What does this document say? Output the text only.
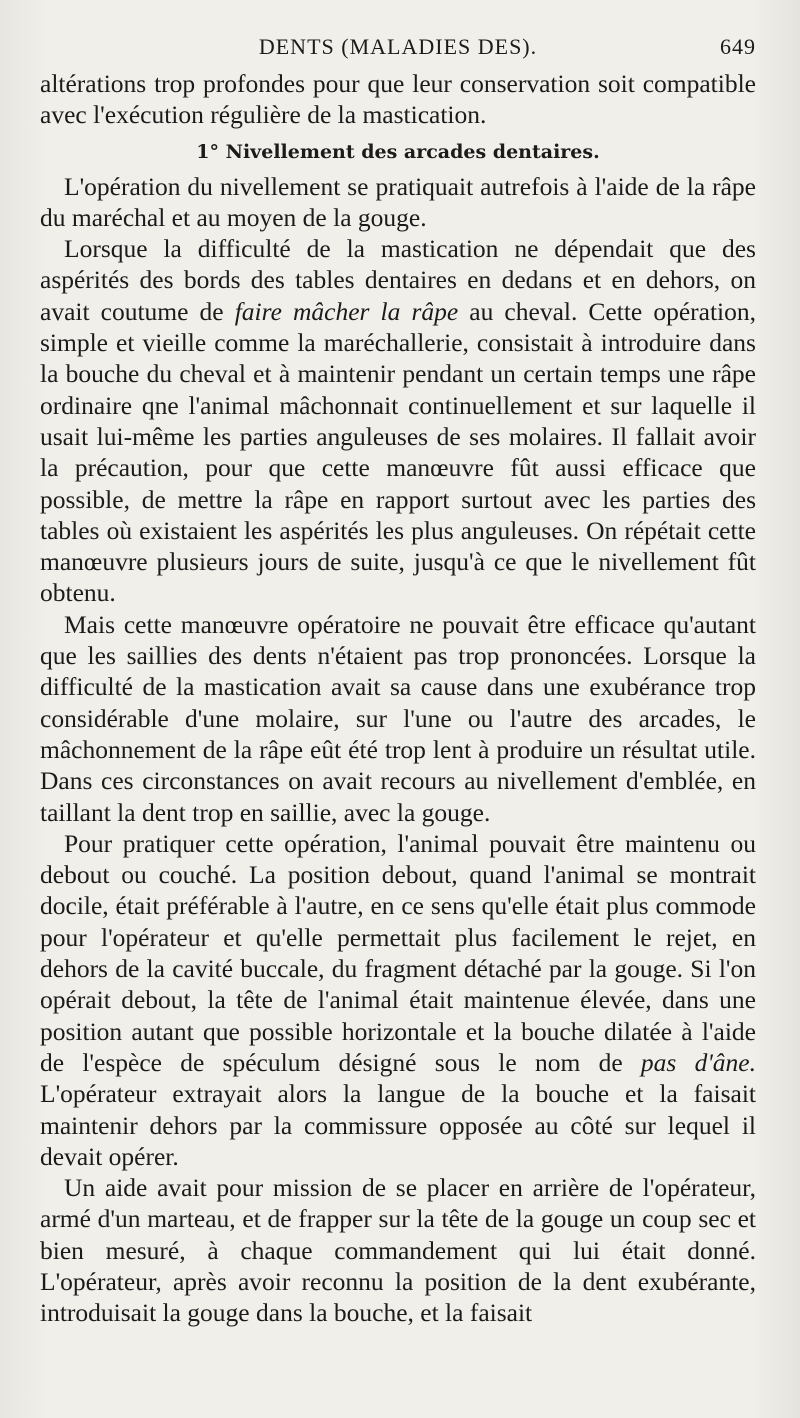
DENTS (MALADIES DES).	649

altérations trop profondes pour que leur conservation soit compatible avec l'exécution régulière de la mastication.

1° Nivellement des arcades dentaires.

L'opération du nivellement se pratiquait autrefois à l'aide de la râpe du maréchal et au moyen de la gouge.

Lorsque la difficulté de la mastication ne dépendait que des aspérités des bords des tables dentaires en dedans et en dehors, on avait coutume de faire mâcher la râpe au cheval. Cette opération, simple et vieille comme la maréchallerie, consistait à introduire dans la bouche du cheval et à maintenir pendant un certain temps une râpe ordinaire qne l'animal mâchonnait continuellement et sur laquelle il usait lui-même les parties anguleuses de ses molaires. Il fallait avoir la précaution, pour que cette manœuvre fût aussi efficace que possible, de mettre la râpe en rapport surtout avec les parties des tables où existaient les aspérités les plus anguleuses. On répétait cette manœuvre plusieurs jours de suite, jusqu'à ce que le nivellement fût obtenu.

Mais cette manœuvre opératoire ne pouvait être efficace qu'autant que les saillies des dents n'étaient pas trop prononcées. Lorsque la difficulté de la mastication avait sa cause dans une exubérance trop considérable d'une molaire, sur l'une ou l'autre des arcades, le mâchonnement de la râpe eût été trop lent à produire un résultat utile. Dans ces circonstances on avait recours au nivellement d'emblée, en taillant la dent trop en saillie, avec la gouge.

Pour pratiquer cette opération, l'animal pouvait être maintenu ou debout ou couché. La position debout, quand l'animal se montrait docile, était préférable à l'autre, en ce sens qu'elle était plus commode pour l'opérateur et qu'elle permettait plus facilement le rejet, en dehors de la cavité buccale, du fragment détaché par la gouge. Si l'on opérait debout, la tête de l'animal était maintenue élevée, dans une position autant que possible horizontale et la bouche dilatée à l'aide de l'espèce de spéculum désigné sous le nom de pas d'âne. L'opérateur extrayait alors la langue de la bouche et la faisait maintenir dehors par la commissure opposée au côté sur lequel il devait opérer.

Un aide avait pour mission de se placer en arrière de l'opérateur, armé d'un marteau, et de frapper sur la tête de la gouge un coup sec et bien mesuré, à chaque commandement qui lui était donné. L'opérateur, après avoir reconnu la position de la dent exubérante, introduisait la gouge dans la bouche, et la faisait
